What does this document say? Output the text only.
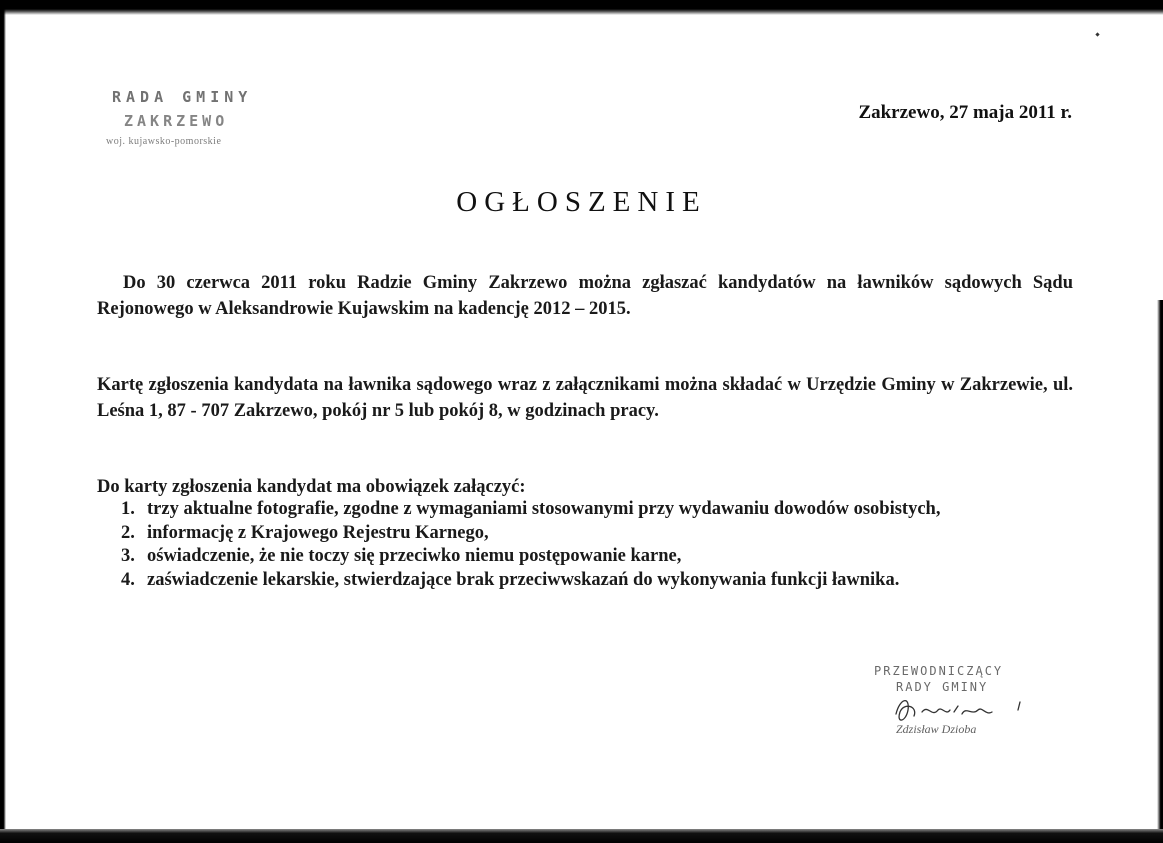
RADA GMINY
ZAKRZEWO
woj. kujawsko-pomorskie
Zakrzewo, 27 maja 2011 r.
OGŁOSZENIE
Do 30 czerwca 2011 roku Radzie Gminy Zakrzewo można zgłaszać kandydatów na ławników sądowych Sądu Rejonowego w Aleksandrowie Kujawskim na kadencję 2012 – 2015.
Kartę zgłoszenia kandydata na ławnika sądowego wraz z załącznikami można składać w Urzędzie Gminy w Zakrzewie, ul. Leśna 1, 87 - 707 Zakrzewo, pokój nr 5 lub pokój 8, w godzinach pracy.
Do karty zgłoszenia kandydat ma obowiązek załączyć:
1. trzy aktualne fotografie, zgodne z wymaganiami stosowanymi przy wydawaniu dowodów osobistych,
2. informację z Krajowego Rejestru Karnego,
3. oświadczenie, że nie toczy się przeciwko niemu postępowanie karne,
4. zaświadczenie lekarskie, stwierdzające brak przeciwwskazań do wykonywania funkcji ławnika.
PRZEWODNICZĄCY
RADY GMINY
Zdzisław Dzioba
